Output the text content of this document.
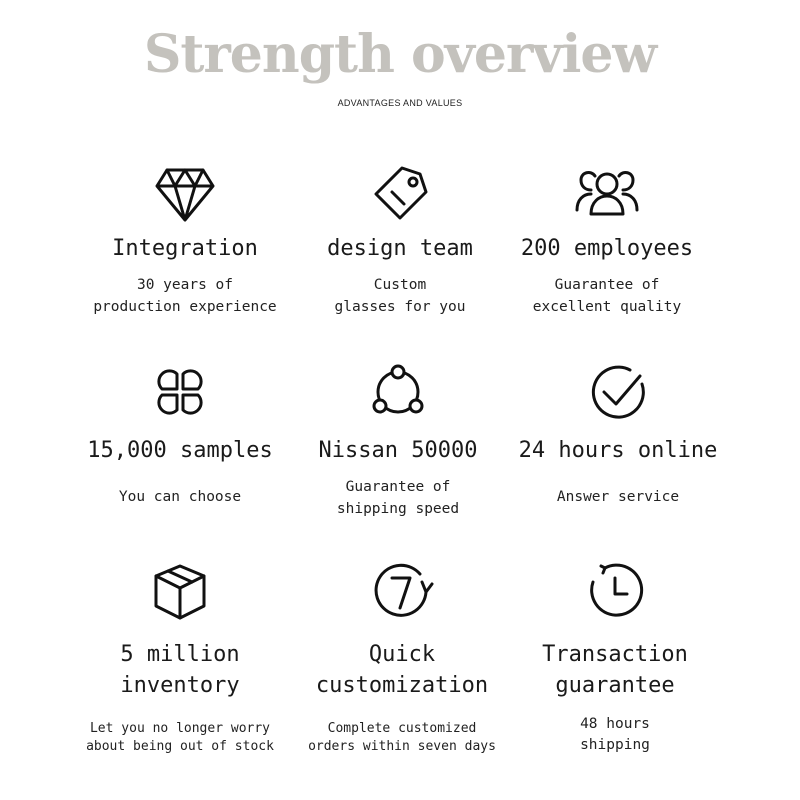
Strength overview
ADVANTAGES AND VALUES
Integration
30 years of
production experience
design team
Custom
glasses for you
200 employees
Guarantee of
excellent quality
15,000 samples
You can choose
Nissan 50000
Guarantee of
shipping speed
24 hours online
Answer service
5 million
inventory
Let you no longer worry
about being out of stock
Quick
customization
Complete customized
orders within seven days
Transaction
guarantee
48 hours
shipping
